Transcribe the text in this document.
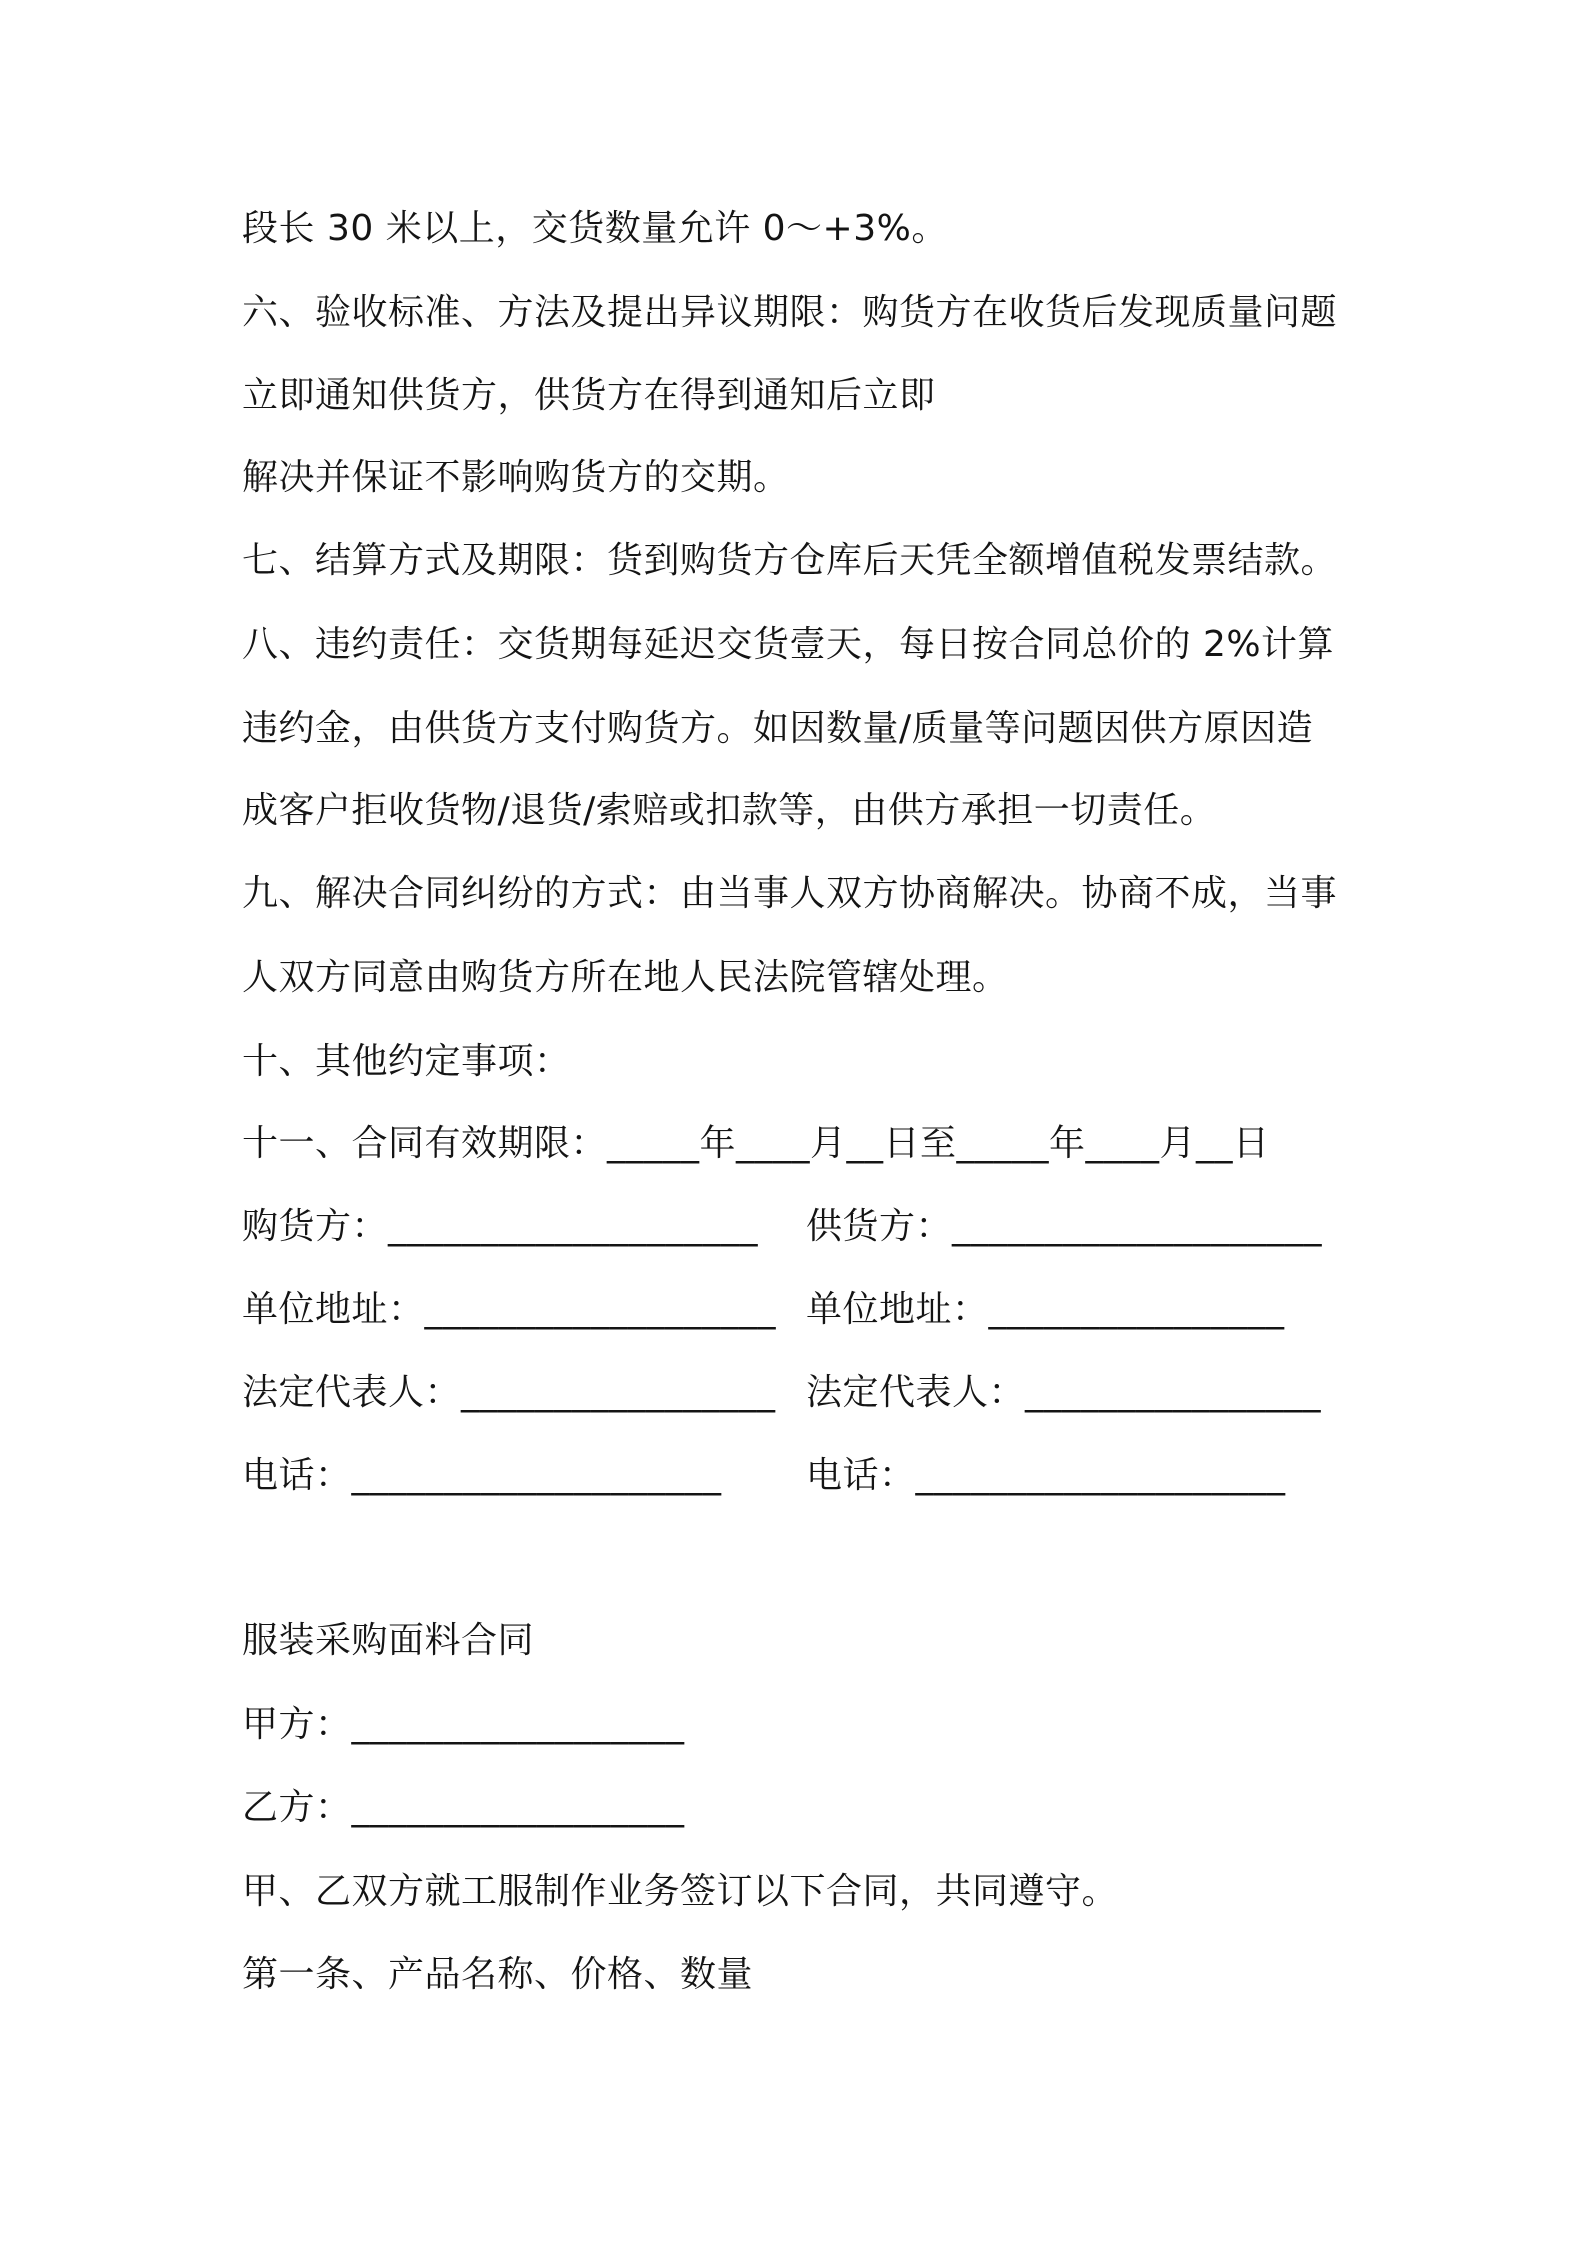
段长 30 米以上，交货数量允许 0～+3%。
六、验收标准、方法及提出异议期限：购货方在收货后发现质量问题
立即通知供货方，供货方在得到通知后立即
解决并保证不影响购货方的交期。
七、结算方式及期限：货到购货方仓库后天凭全额增值税发票结款。
八、违约责任：交货期每延迟交货壹天，每日按合同总价的 2%计算
违约金，由供货方支付购货方。如因数量/质量等问题因供方原因造
成客户拒收货物/退货/索赔或扣款等，由供方承担一切责任。
九、解决合同纠纷的方式：由当事人双方协商解决。协商不成，当事
人双方同意由购货方所在地人民法院管辖处理。
十、其他约定事项：
十一、合同有效期限：_____年____月__日至_____年____月__日
购货方：____________________ 供货方：____________________
单位地址：___________________ 单位地址：________________
法定代表人：_________________ 法定代表人：________________
电话：____________________ 电话：____________________
服装采购面料合同
甲方：__________________
乙方：__________________
甲、乙双方就工服制作业务签订以下合同，共同遵守。
第一条、产品名称、价格、数量
